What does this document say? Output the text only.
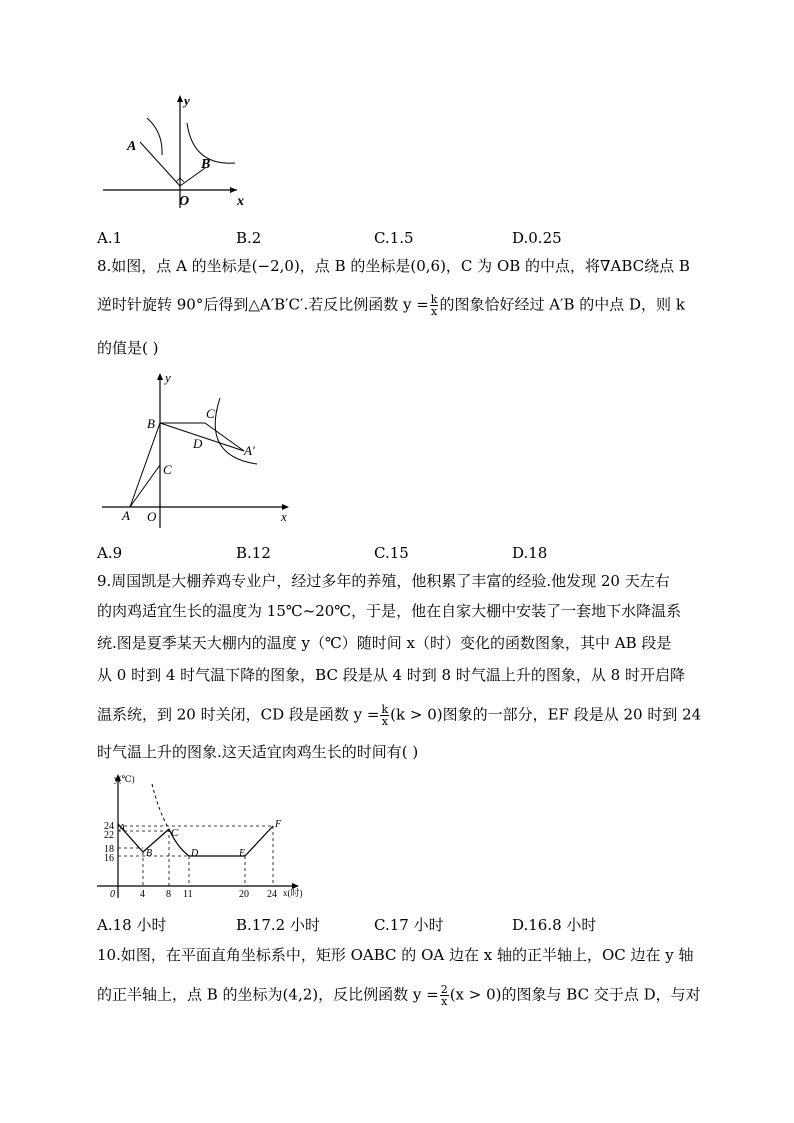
A
B
O	x
y
A.1	B.2	C.1.5	D.0.25
8.如图，点 A 的坐标是(−2,0)，点 B 的坐标是(0,6)，C 为 OB 的中点，将∇ABC绕点 B
逆时针旋转 90°后得到△A′B′C′.若反比例函数 $y = \frac{k}{x}$ 的图象恰好经过 A′B 的中点 D，则 k
的值是( )
B
C
C′
D	A′
A O	x
y
A.9	B.12	C.15	D.18
9.周国凯是大棚养鸡专业户，经过多年的养殖，他积累了丰富的经验.他发现 20 天左右
的肉鸡适宜生长的温度为 15℃~20℃，于是，他在自家大棚中安装了一套地下水降温系
统.图是夏季某天大棚内的温度 y（℃）随时间 x（时）变化的函数图象，其中 AB 段是
从 0 时到 4 时气温下降的图象，BC 段是从 4 时到 8 时气温上升的图象，从 8 时开启降
温系统，到 20 时关闭，CD 段是函数 $y = \frac{k}{x} (k > 0)$图象的一部分，EF 段是从 20 时到 24
时气温上升的图象.这天适宜肉鸡生长的时间有( )
y(℃)
x(时)
24
22
18
16
0	4 8 11	20 24
A
B
C
D	E
F
A.18 小时	B.17.2 小时	C.17 小时	D.16.8 小时
10.如图，在平面直角坐标系中，矩形 OABC 的 OA 边在 x 轴的正半轴上，OC 边在 y 轴
的正半轴上，点 B 的坐标为(4,2)，反比例函数 $y = \frac{2}{x} (x > 0)$的图象与 BC 交于点 D，与对
